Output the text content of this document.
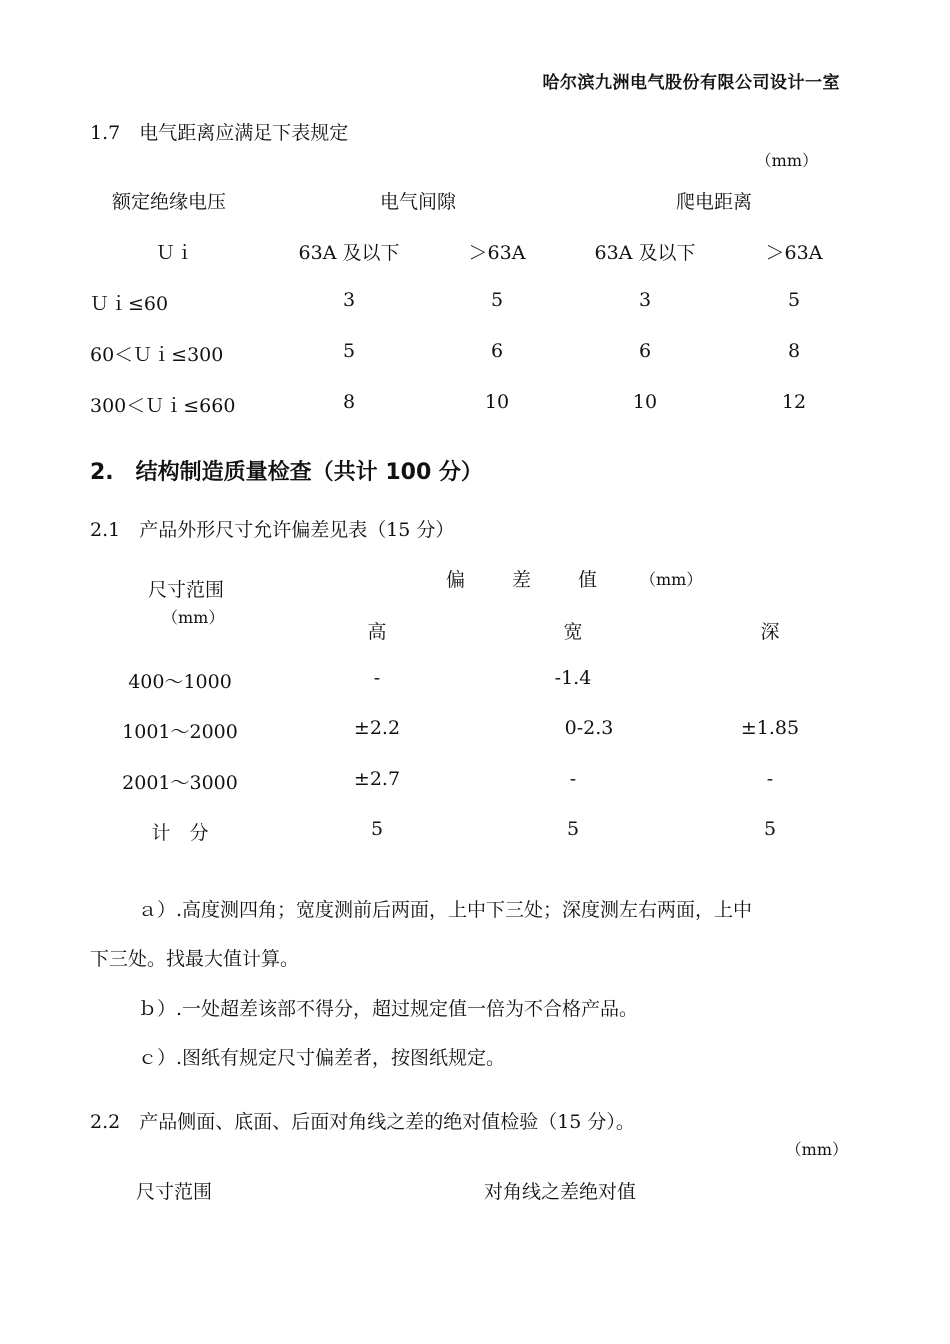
哈尔滨九洲电气股份有限公司设计一室
1.7　电气距离应满足下表规定
（mm）
额定绝缘电压	电气间隙	爬电距离
Ｕｉ	63A 及以下	＞63A	63A 及以下	＞63A
Ｕｉ≤60	3	5	3	5
60＜Ｕｉ≤300	5	6	6	8
300＜Ｕｉ≤660	8	10	10	12
2.　结构制造质量检查（共计 100 分）
2.1　产品外形尺寸允许偏差见表（15 分）
尺寸范围
（mm）
偏 差 值	（mm）
高	宽	深
400～1000	-	-1.4
1001～2000	±2.2	0-2.3	±1.85
2001～3000	±2.7	-	-
计　分	5	5	5
ａ）.高度测四角；宽度测前后两面，上中下三处；深度测左右两面，上中
下三处。找最大值计算。
ｂ）.一处超差该部不得分，超过规定值一倍为不合格产品。
ｃ）.图纸有规定尺寸偏差者，按图纸规定。
2.2　产品侧面、底面、后面对角线之差的绝对值检验（15 分）。
（mm）
尺寸范围	对角线之差绝对值
